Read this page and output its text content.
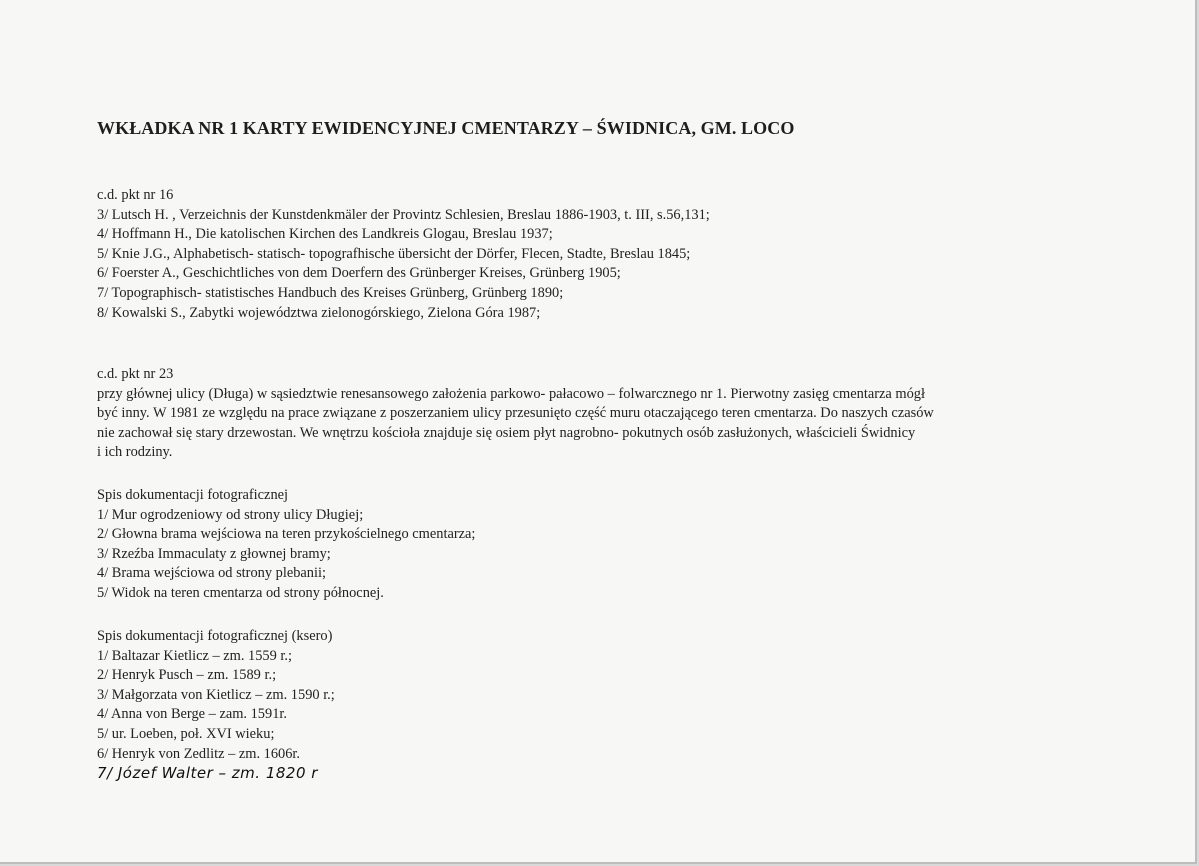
WKŁADKA NR 1 KARTY EWIDENCYJNEJ CMENTARZY – ŚWIDNICA, GM. LOCO
c.d. pkt nr 16
3/ Lutsch H. , Verzeichnis der Kunstdenkmäler der Provintz Schlesien, Breslau 1886-1903, t. III, s.56,131;
4/ Hoffmann H., Die katolischen Kirchen des Landkreis Glogau, Breslau 1937;
5/ Knie J.G., Alphabetisch- statisch- topografhische übersicht der Dörfer, Flecen, Stadte, Breslau 1845;
6/ Foerster A., Geschichtliches von dem Doerfern des Grünberger Kreises, Grünberg 1905;
7/ Topographisch- statistisches Handbuch des Kreises Grünberg, Grünberg 1890;
8/ Kowalski S., Zabytki województwa zielonogórskiego, Zielona Góra 1987;
c.d. pkt nr 23
przy głównej ulicy (Długa) w sąsiedztwie renesansowego założenia parkowo- pałacowo – folwarcznego nr 1. Pierwotny zasięg cmentarza mógł
być inny. W 1981 ze względu na prace związane z poszerzaniem ulicy przesunięto część muru otaczającego teren cmentarza. Do naszych czasów
nie zachował się stary drzewostan. We wnętrzu kościoła znajduje się osiem płyt nagrobno- pokutnych osób zasłużonych, właścicieli Świdnicy
i ich rodziny.
Spis dokumentacji fotograficznej
1/ Mur ogrodzeniowy od strony ulicy Długiej;
2/ Głowna brama wejściowa na teren przykościelnego cmentarza;
3/ Rzeźba Immaculaty z głownej bramy;
4/ Brama wejściowa od strony plebanii;
5/ Widok na teren cmentarza od strony północnej.
Spis dokumentacji fotograficznej (ksero)
1/ Baltazar Kietlicz – zm. 1559 r.;
2/ Henryk Pusch – zm. 1589 r.;
3/ Małgorzata von Kietlicz – zm. 1590 r.;
4/ Anna von Berge – zam. 1591r.
5/ ur. Loeben, poł. XVI wieku;
6/ Henryk von Zedlitz – zm. 1606r.
7/ Józef Walter – zm. 1820 r
